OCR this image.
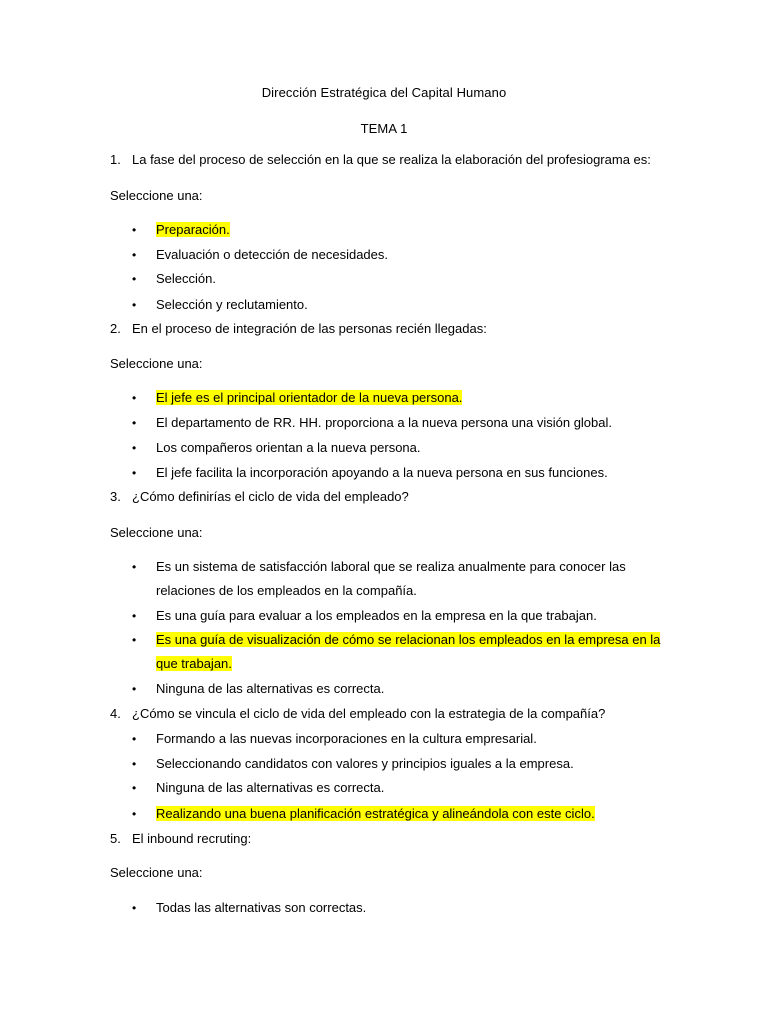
Dirección Estratégica del Capital Humano
TEMA 1
1. La fase del proceso de selección en la que se realiza la elaboración del profesiograma es:
Seleccione una:
• Preparación.
• Evaluación o detección de necesidades.
• Selección.
• Selección y reclutamiento.
2. En el proceso de integración de las personas recién llegadas:
Seleccione una:
• El jefe es el principal orientador de la nueva persona.
• El departamento de RR. HH. proporciona a la nueva persona una visión global.
• Los compañeros orientan a la nueva persona.
• El jefe facilita la incorporación apoyando a la nueva persona en sus funciones.
3. ¿Cómo definirías el ciclo de vida del empleado?
Seleccione una:
• Es un sistema de satisfacción laboral que se realiza anualmente para conocer las
relaciones de los empleados en la compañía.
• Es una guía para evaluar a los empleados en la empresa en la que trabajan.
• Es una guía de visualización de cómo se relacionan los empleados en la empresa en la
que trabajan.
• Ninguna de las alternativas es correcta.
4. ¿Cómo se vincula el ciclo de vida del empleado con la estrategia de la compañía?
• Formando a las nuevas incorporaciones en la cultura empresarial.
• Seleccionando candidatos con valores y principios iguales a la empresa.
• Ninguna de las alternativas es correcta.
• Realizando una buena planificación estratégica y alineándola con este ciclo.
5. El inbound recruting:
Seleccione una:
• Todas las alternativas son correctas.
